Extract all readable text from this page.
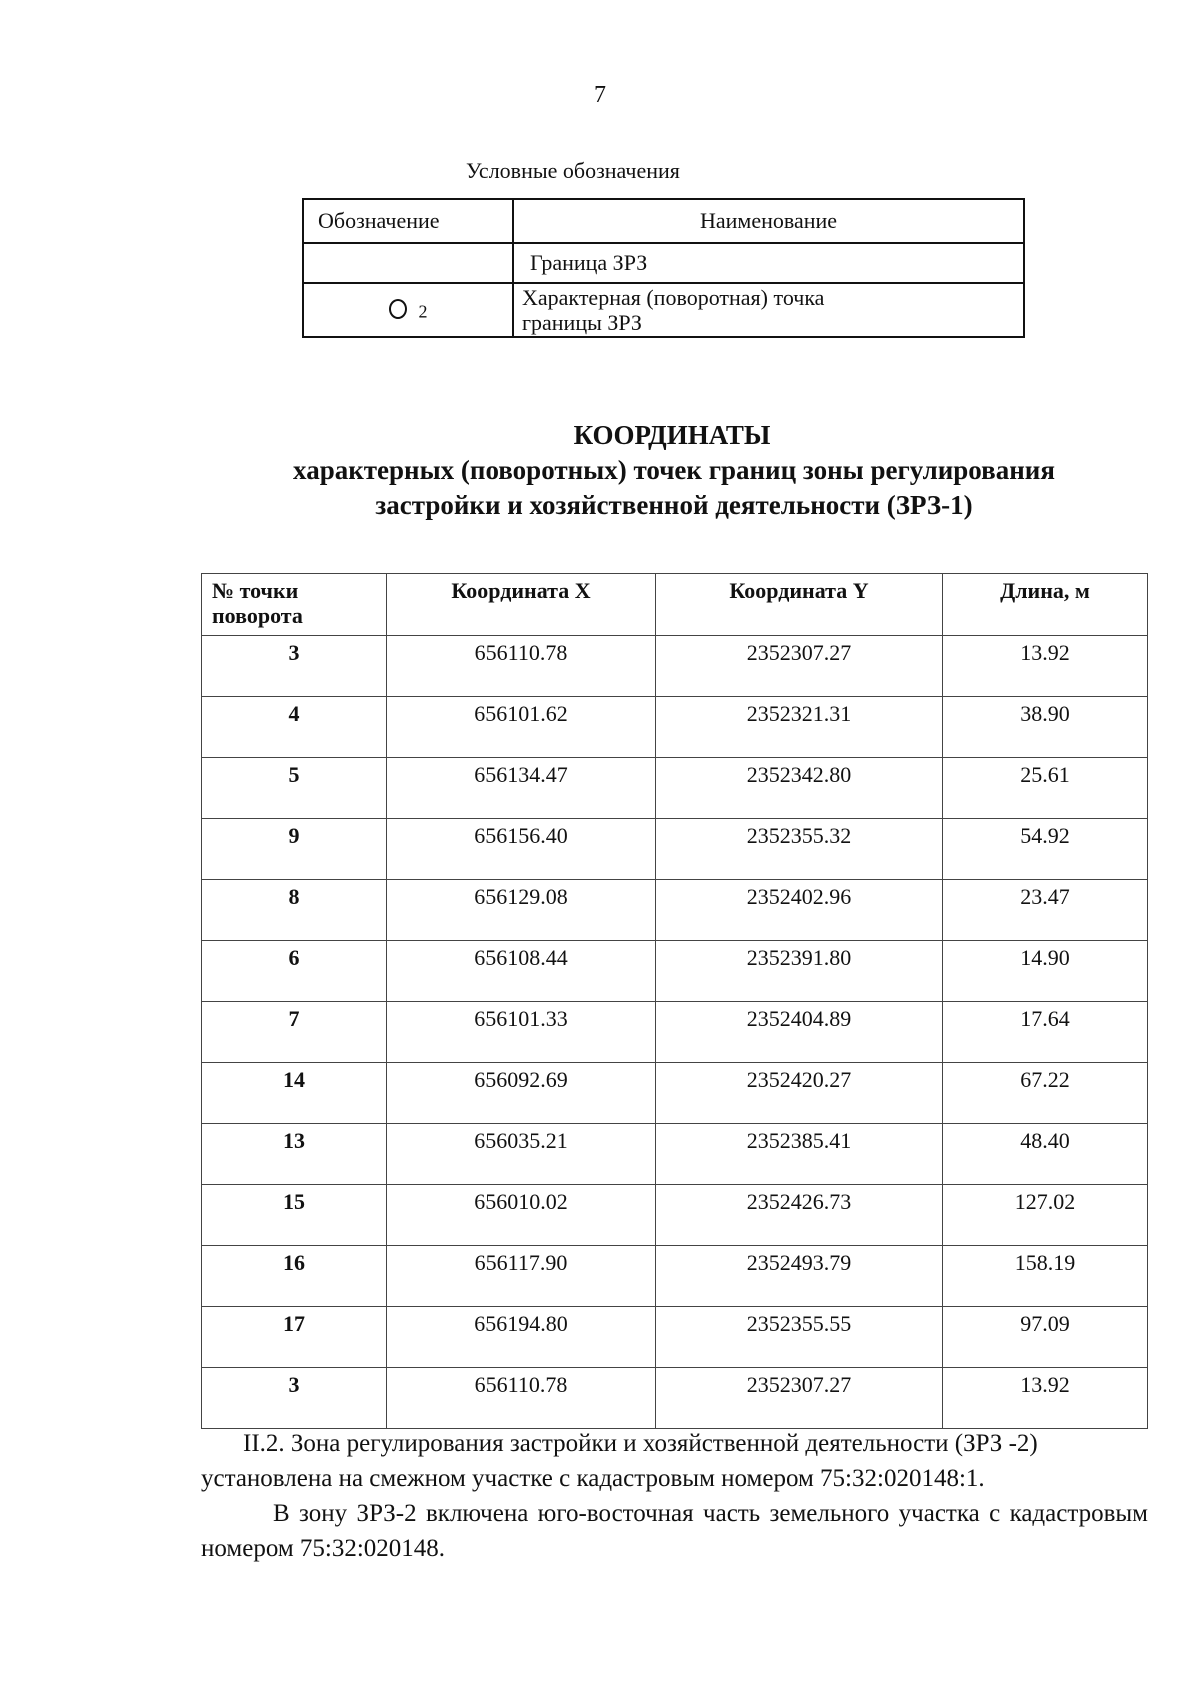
7
Условные обозначения
Обозначение	Наименование
	Граница ЗРЗ
2	Характерная (поворотная) точка
границы ЗРЗ
КООРДИНАТЫ
характерных (поворотных) точек границ зоны регулирования
застройки и хозяйственной деятельности (ЗРЗ-1)
№ точки
поворота	Координата X	Координата Y	Длина, м
3	656110.78	2352307.27	13.92
4	656101.62	2352321.31	38.90
5	656134.47	2352342.80	25.61
9	656156.40	2352355.32	54.92
8	656129.08	2352402.96	23.47
6	656108.44	2352391.80	14.90
7	656101.33	2352404.89	17.64
14	656092.69	2352420.27	67.22
13	656035.21	2352385.41	48.40
15	656010.02	2352426.73	127.02
16	656117.90	2352493.79	158.19
17	656194.80	2352355.55	97.09
3	656110.78	2352307.27	13.92

II.2. Зона регулирования застройки и хозяйственной деятельности (ЗРЗ -2) установлена на смежном участке с кадастровым номером 75:32:020148:1.

В зону ЗРЗ-2 включена юго-восточная часть земельного участка с кадастровым номером 75:32:020148.
